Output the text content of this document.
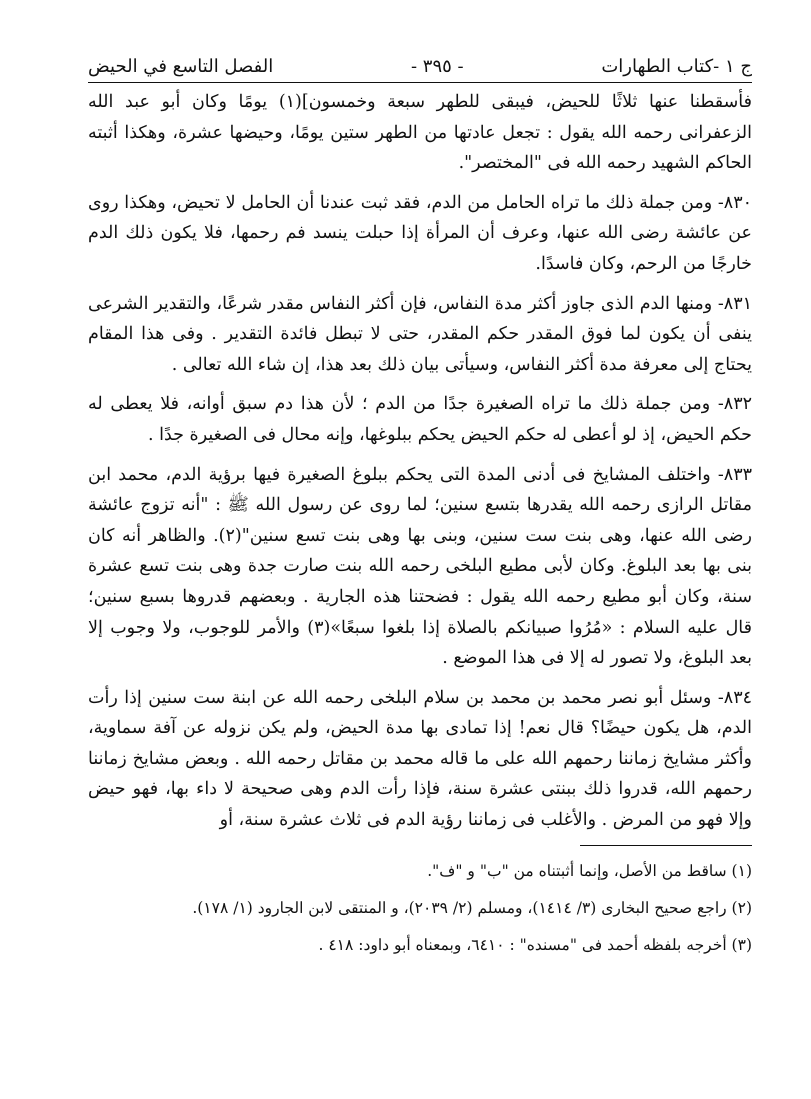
ج ١ -كتاب الطهارات
- ٣٩٥ -
الفصل التاسع في الحيض

فأسقطنا عنها ثلاثًا للحيض، فيبقى للطهر سبعة وخمسون](١) يومًا وكان أبو عبد الله الزعفرانى رحمه الله يقول : تجعل عادتها من الطهر ستين يومًا، وحيضها عشرة، وهكذا أثبته الحاكم الشهيد رحمه الله فى "المختصر".

٨٣٠- ومن جملة ذلك ما تراه الحامل من الدم، فقد ثبت عندنا أن الحامل لا تحيض، وهكذا روى عن عائشة رضى الله عنها، وعرف أن المرأة إذا حبلت ينسد فم رحمها، فلا يكون ذلك الدم خارجًا من الرحم، وكان فاسدًا.

٨٣١- ومنها الدم الذى جاوز أكثر مدة النفاس، فإن أكثر النفاس مقدر شرعًا، والتقدير الشرعى ينفى أن يكون لما فوق المقدر حكم المقدر، حتى لا تبطل فائدة التقدير . وفى هذا المقام يحتاج إلى معرفة مدة أكثر النفاس، وسيأتى بيان ذلك بعد هذا، إن شاء الله تعالى .

٨٣٢- ومن جملة ذلك ما تراه الصغيرة جدًا من الدم ؛ لأن هذا دم سبق أوانه، فلا يعطى له حكم الحيض، إذ لو أعطى له حكم الحيض يحكم ببلوغها، وإنه محال فى الصغيرة جدًا .

٨٣٣- واختلف المشايخ فى أدنى المدة التى يحكم ببلوغ الصغيرة فيها برؤية الدم، محمد ابن مقاتل الرازى رحمه الله يقدرها بتسع سنين؛ لما روى عن رسول الله ﷺ : "أنه تزوج عائشة رضى الله عنها، وهى بنت ست سنين، وبنى بها وهى بنت تسع سنين"(٢). والظاهر أنه كان بنى بها بعد البلوغ. وكان لأبى مطيع البلخى رحمه الله بنت صارت جدة وهى بنت تسع عشرة سنة، وكان أبو مطيع رحمه الله يقول : فضحتنا هذه الجارية . وبعضهم قدروها بسبع سنين؛ قال عليه السلام : «مُرُوا صبيانكم بالصلاة إذا بلغوا سبعًا»(٣) والأمر للوجوب، ولا وجوب إلا بعد البلوغ، ولا تصور له إلا فى هذا الموضع .

٨٣٤- وسئل أبو نصر محمد بن محمد بن سلام البلخى رحمه الله عن ابنة ست سنين إذا رأت الدم، هل يكون حيضًا؟ قال نعم! إذا تمادى بها مدة الحيض، ولم يكن نزوله عن آفة سماوية، وأكثر مشايخ زماننا رحمهم الله على ما قاله محمد بن مقاتل رحمه الله . وبعض مشايخ زماننا رحمهم الله، قدروا ذلك ببنتى عشرة سنة، فإذا رأت الدم وهى صحيحة لا داء بها، فهو حيض وإلا فهو من المرض . والأغلب فى زماننا رؤية الدم فى ثلاث عشرة سنة، أو

(١) ساقط من الأصل، وإنما أثبتناه من "ب" و "ف".

(٢) راجع صحيح البخارى (٣/ ١٤١٤)، ومسلم (٢/ ٢٠٣٩)، و المنتقى لابن الجارود (١/ ١٧٨).

(٣) أخرجه بلفظه أحمد فى "مسنده" : ٦٤١٠، وبمعناه أبو داود: ٤١٨ .
